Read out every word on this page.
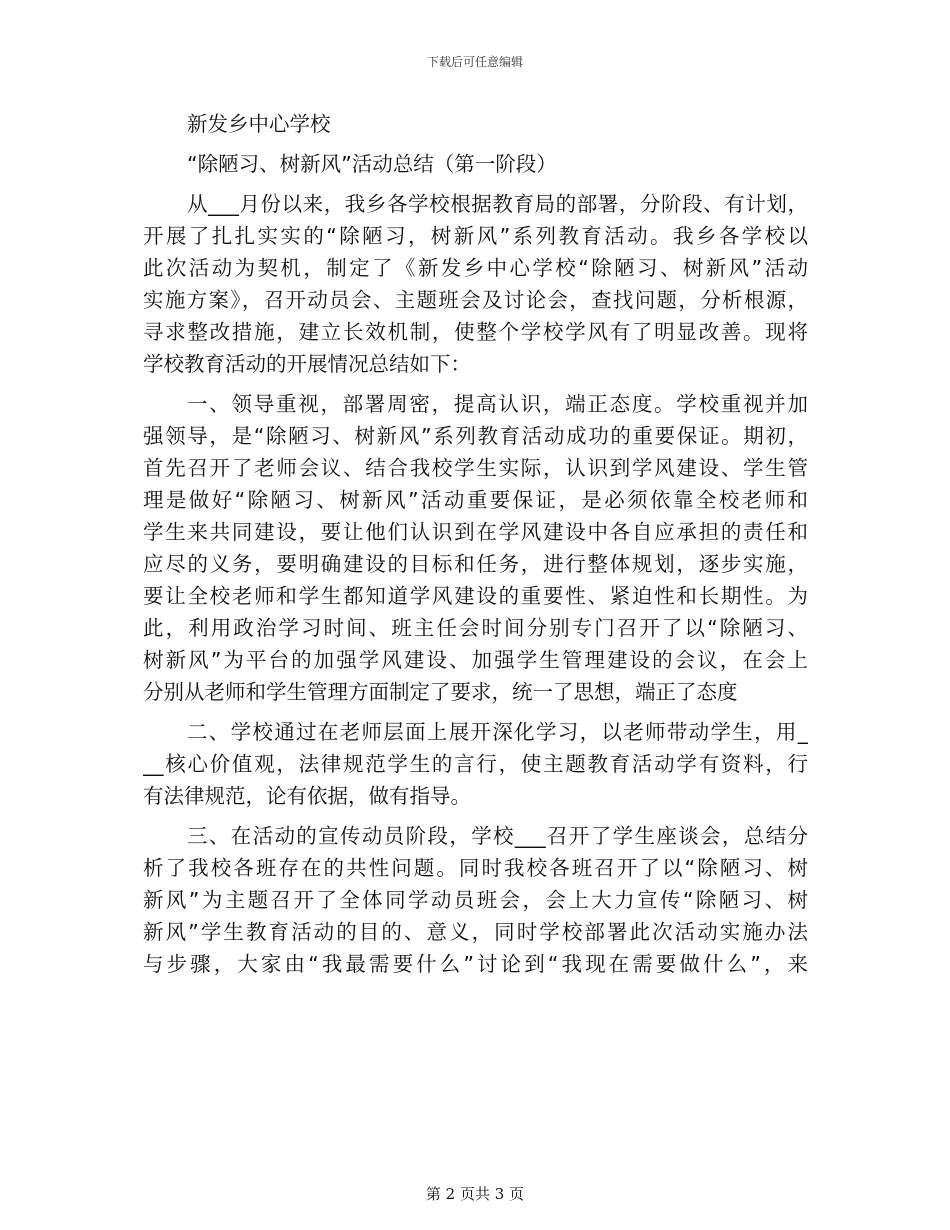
下载后可任意编辑
新发乡中心学校
“除陋习、树新风”活动总结（第一阶段）
从___月份以来，我乡各学校根据教育局的部署，分阶段、有计划，
开展了扎扎实实的“除陋习，树新风”系列教育活动。我乡各学校以
此次活动为契机，制定了《新发乡中心学校“除陋习、树新风”活动
实施方案》，召开动员会、主题班会及讨论会，查找问题，分析根源，
寻求整改措施，建立长效机制，使整个学校学风有了明显改善。现将
学校教育活动的开展情况总结如下：
一、领导重视，部署周密，提高认识，端正态度。学校重视并加
强领导，是“除陋习、树新风”系列教育活动成功的重要保证。期初，
首先召开了老师会议、结合我校学生实际，认识到学风建设、学生管
理是做好“除陋习、树新风”活动重要保证，是必须依靠全校老师和
学生来共同建设，要让他们认识到在学风建设中各自应承担的责任和
应尽的义务，要明确建设的目标和任务，进行整体规划，逐步实施，
要让全校老师和学生都知道学风建设的重要性、紧迫性和长期性。为
此，利用政治学习时间、班主任会时间分别专门召开了以“除陋习、
树新风”为平台的加强学风建设、加强学生管理建设的会议，在会上
分别从老师和学生管理方面制定了要求，统一了思想，端正了态度
二、学校通过在老师层面上展开深化学习，以老师带动学生，用_
__核心价值观，法律规范学生的言行，使主题教育活动学有资料，行
有法律规范，论有依据，做有指导。
三、在活动的宣传动员阶段，学校___召开了学生座谈会，总结分
析了我校各班存在的共性问题。同时我校各班召开了以“除陋习、树
新风”为主题召开了全体同学动员班会，会上大力宣传“除陋习、树
新风”学生教育活动的目的、意义，同时学校部署此次活动实施办法
与步骤，大家由“我最需要什么”讨论到“我现在需要做什么”，来
第 2 页共 3 页
